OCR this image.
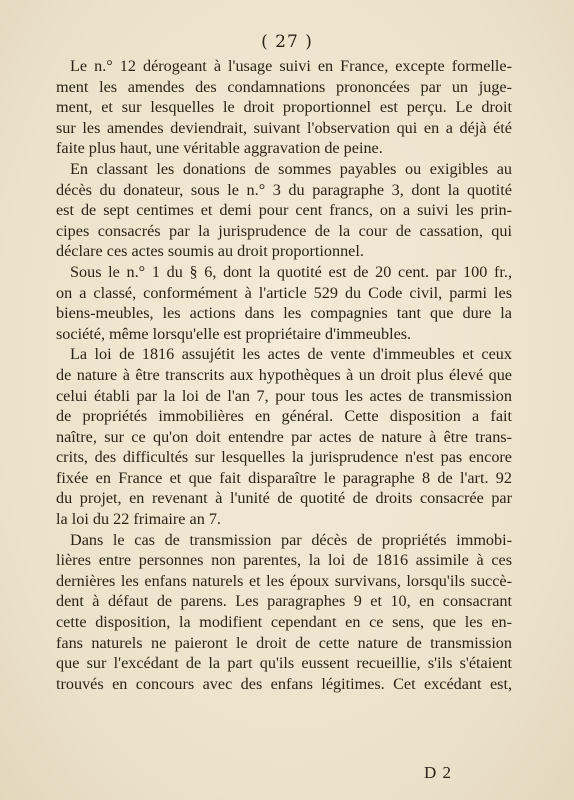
( 27 )
Le n.° 12 dérogeant à l'usage suivi en France, excepte formelle-
ment les amendes des condamnations prononcées par un juge-
ment, et sur lesquelles le droit proportionnel est perçu. Le droit
sur les amendes deviendrait, suivant l'observation qui en a déjà été
faite plus haut, une véritable aggravation de peine.
En classant les donations de sommes payables ou exigibles au
décès du donateur, sous le n.° 3 du paragraphe 3, dont la quotité
est de sept centimes et demi pour cent francs, on a suivi les prin-
cipes consacrés par la jurisprudence de la cour de cassation, qui
déclare ces actes soumis au droit proportionnel.
Sous le n.° 1 du § 6, dont la quotité est de 20 cent. par 100 fr.,
on a classé, conformément à l'article 529 du Code civil, parmi les
biens-meubles, les actions dans les compagnies tant que dure la
société, même lorsqu'elle est propriétaire d'immeubles.
La loi de 1816 assujétit les actes de vente d'immeubles et ceux
de nature à être transcrits aux hypothèques à un droit plus élevé que
celui établi par la loi de l'an 7, pour tous les actes de transmission
de propriétés immobilières en général. Cette disposition a fait
naître, sur ce qu'on doit entendre par actes de nature à être trans-
crits, des difficultés sur lesquelles la jurisprudence n'est pas encore
fixée en France et que fait disparaître le paragraphe 8 de l'art. 92
du projet, en revenant à l'unité de quotité de droits consacrée par
la loi du 22 frimaire an 7.
Dans le cas de transmission par décès de propriétés immobi-
lières entre personnes non parentes, la loi de 1816 assimile à ces
dernières les enfans naturels et les époux survivans, lorsqu'ils succè-
dent à défaut de parens. Les paragraphes 9 et 10, en consacrant
cette disposition, la modifient cependant en ce sens, que les en-
fans naturels ne paieront le droit de cette nature de transmission
que sur l'excédant de la part qu'ils eussent recueillie, s'ils s'étaient
trouvés en concours avec des enfans légitimes. Cet excédant est,
D 2
